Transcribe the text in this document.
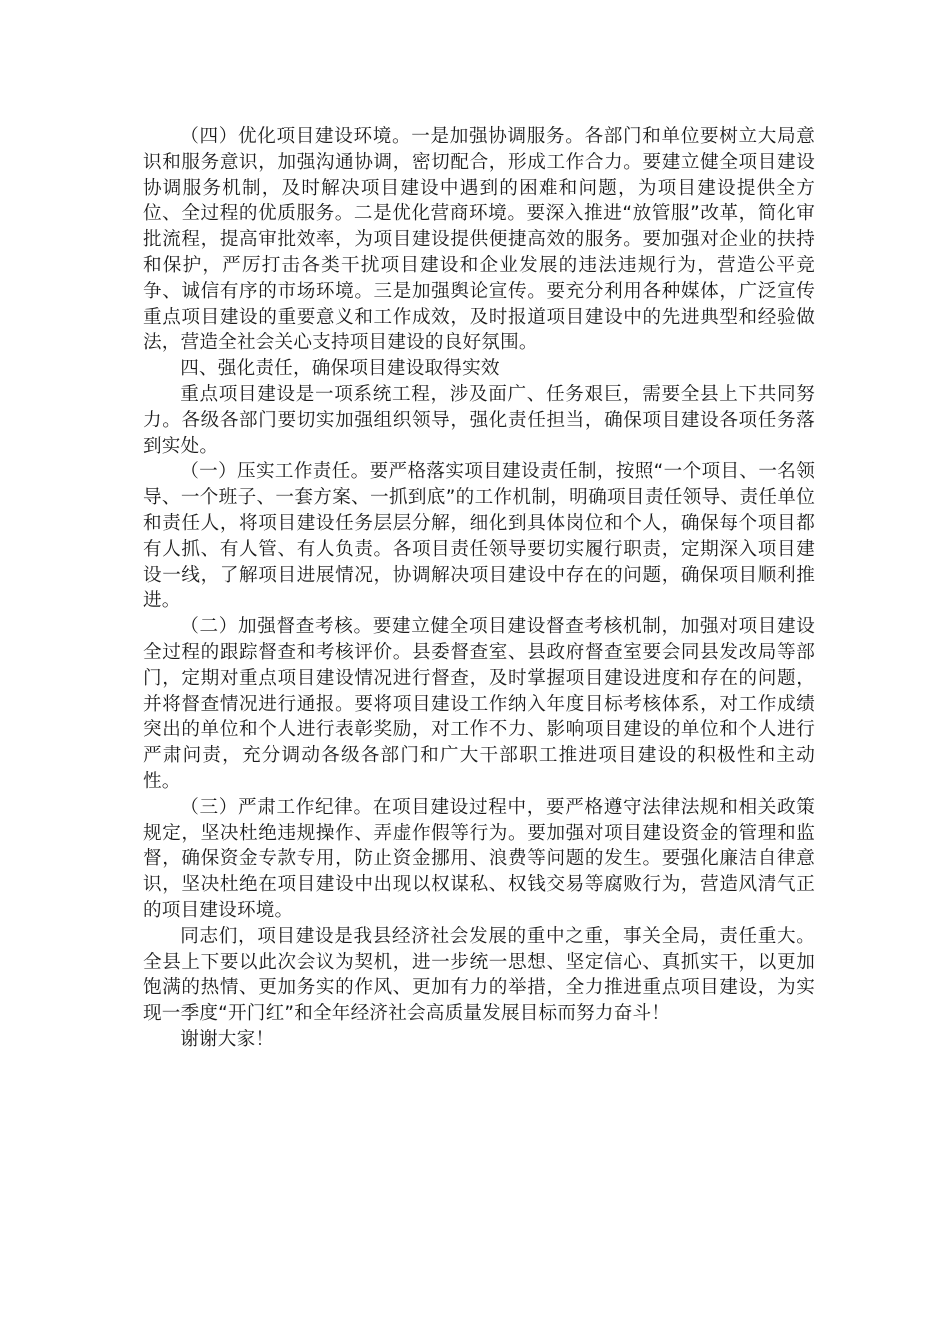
（四）优化项目建设环境。一是加强协调服务。各部门和单位要树立大局意识和服务意识，加强沟通协调，密切配合，形成工作合力。要建立健全项目建设协调服务机制，及时解决项目建设中遇到的困难和问题，为项目建设提供全方位、全过程的优质服务。二是优化营商环境。要深入推进“放管服”改革，简化审批流程，提高审批效率，为项目建设提供便捷高效的服务。要加强对企业的扶持和保护，严厉打击各类干扰项目建设和企业发展的违法违规行为，营造公平竞争、诚信有序的市场环境。三是加强舆论宣传。要充分利用各种媒体，广泛宣传重点项目建设的重要意义和工作成效，及时报道项目建设中的先进典型和经验做法，营造全社会关心支持项目建设的良好氛围。

四、强化责任，确保项目建设取得实效

重点项目建设是一项系统工程，涉及面广、任务艰巨，需要全县上下共同努力。各级各部门要切实加强组织领导，强化责任担当，确保项目建设各项任务落到实处。

（一）压实工作责任。要严格落实项目建设责任制，按照“一个项目、一名领导、一个班子、一套方案、一抓到底”的工作机制，明确项目责任领导、责任单位和责任人，将项目建设任务层层分解，细化到具体岗位和个人，确保每个项目都有人抓、有人管、有人负责。各项目责任领导要切实履行职责，定期深入项目建设一线，了解项目进展情况，协调解决项目建设中存在的问题，确保项目顺利推进。

（二）加强督查考核。要建立健全项目建设督查考核机制，加强对项目建设全过程的跟踪督查和考核评价。县委督查室、县政府督查室要会同县发改局等部门，定期对重点项目建设情况进行督查，及时掌握项目建设进度和存在的问题，并将督查情况进行通报。要将项目建设工作纳入年度目标考核体系，对工作成绩突出的单位和个人进行表彰奖励，对工作不力、影响项目建设的单位和个人进行严肃问责，充分调动各级各部门和广大干部职工推进项目建设的积极性和主动性。

（三）严肃工作纪律。在项目建设过程中，要严格遵守法律法规和相关政策规定，坚决杜绝违规操作、弄虚作假等行为。要加强对项目建设资金的管理和监督，确保资金专款专用，防止资金挪用、浪费等问题的发生。要强化廉洁自律意识，坚决杜绝在项目建设中出现以权谋私、权钱交易等腐败行为，营造风清气正的项目建设环境。

同志们，项目建设是我县经济社会发展的重中之重，事关全局，责任重大。全县上下要以此次会议为契机，进一步统一思想、坚定信心、真抓实干，以更加饱满的热情、更加务实的作风、更加有力的举措，全力推进重点项目建设，为实现一季度“开门红”和全年经济社会高质量发展目标而努力奋斗！

谢谢大家！
